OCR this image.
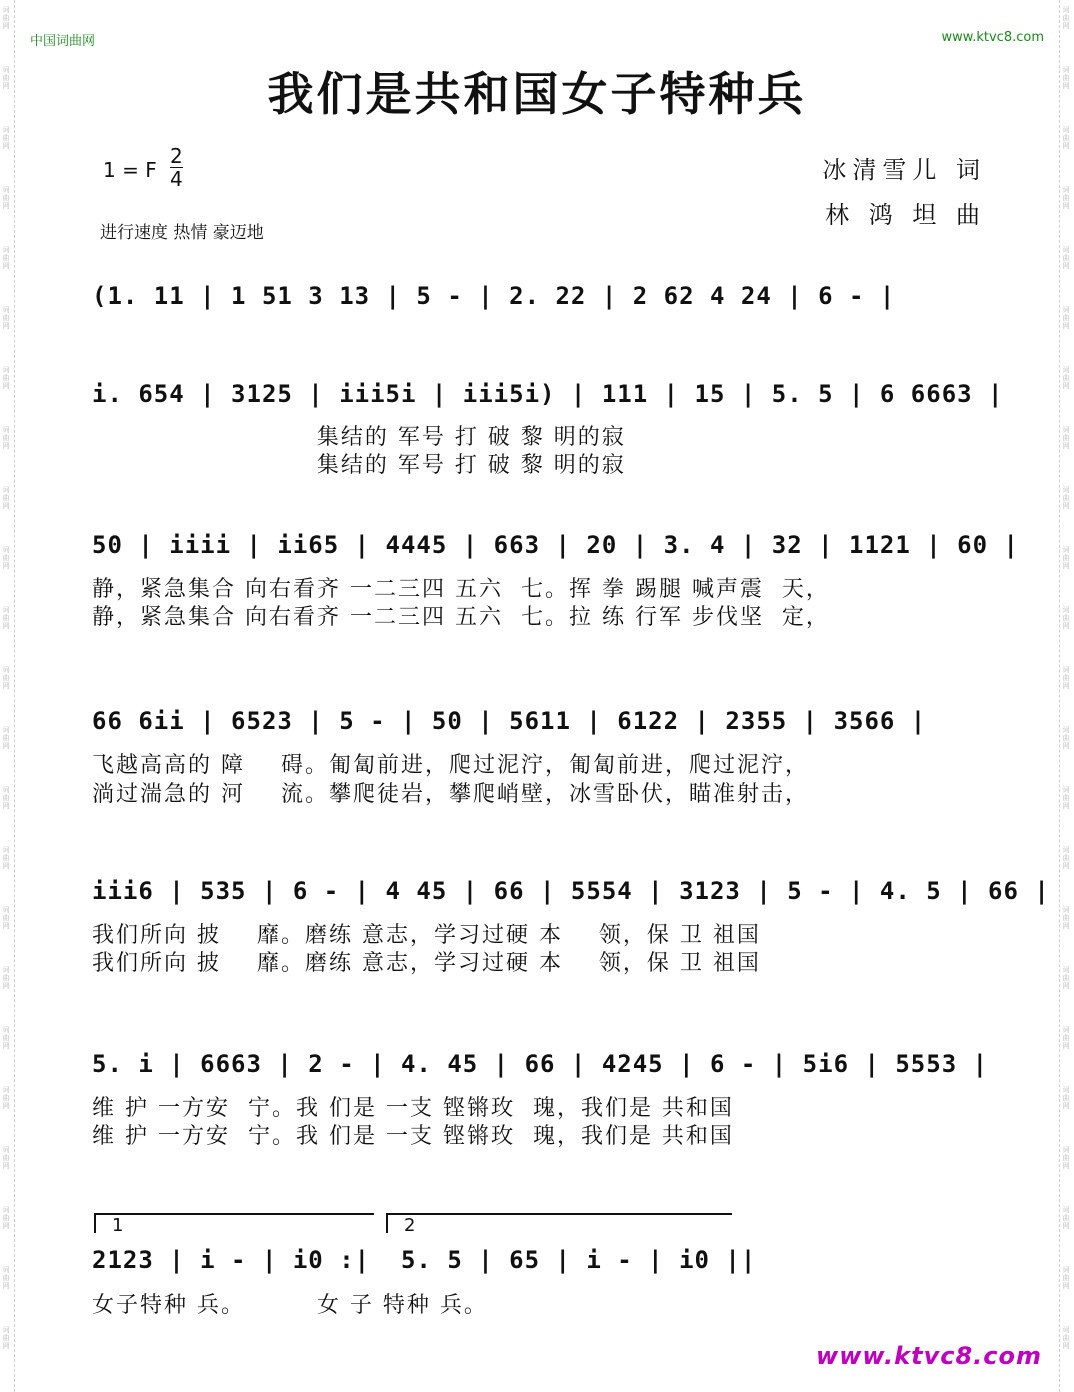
词曲网
词曲网
词曲网
词曲网
词曲网
词曲网
词曲网
词曲网
词曲网
词曲网
词曲网
词曲网
词曲网
词曲网
词曲网
词曲网
词曲网
词曲网
词曲网
词曲网
词曲网
词曲网
词曲网
词曲网
词曲网
词曲网
词曲网
词曲网
词曲网
词曲网
词曲网
词曲网
词曲网
词曲网
词曲网
词曲网
词曲网
词曲网
词曲网
词曲网
词曲网
词曲网
词曲网
词曲网
词曲网
词曲网
中国词曲网	www.ktvc8.com
我们是共和国女子特种兵
1 = F
2
4
进行速度 热情 豪迈地
冰清雪儿 词
林 鸿 坦 曲
(1. 11 | 1 51 3 13 | 5 - | 2. 22 | 2 62 4 24 | 6 - |
i. 654 | 3125 | iii5i | iii5i) | 111 | 15 | 5. 5 | 6 6663 |
集结的 军号 打 破 黎 明的寂
集结的 军号 打 破 黎 明的寂
50 | iiii | ii65 | 4445 | 663 | 20 | 3. 4 | 32 | 1121 | 60 |
静，紧急集合 向右看齐 一二三四 五六  七。挥 拳 踢腿 喊声震  天，
静，紧急集合 向右看齐 一二三四 五六  七。拉 练 行军 步伐坚  定，
66 6ii | 6523 | 5 - | 50 | 5611 | 6122 | 2355 | 3566 |
飞越高高的 障    碍。匍匐前进，爬过泥泞，匍匐前进，爬过泥泞，
淌过湍急的 河    流。攀爬徒岩，攀爬峭壁，冰雪卧伏，瞄准射击，
iii6 | 535 | 6 - | 4 45 | 66 | 5554 | 3123 | 5 - | 4. 5 | 66 |
我们所向 披    靡。磨练 意志，学习过硬 本    领，保 卫 祖国
我们所向 披    靡。磨练 意志，学习过硬 本    领，保 卫 祖国
5. i | 6663 | 2 - | 4. 45 | 66 | 4245 | 6 - | 5i6 | 5553 |
维 护 一方安  宁。我 们是 一支 铿锵玫  瑰，我们是 共和国
维 护 一方安  宁。我 们是 一支 铿锵玫  瑰，我们是 共和国
1	2
2123 | i - | i0 :|  5. 5 | 65 | i - | i0 ||
女子特种 兵。        女 子 特种 兵。
www.ktvc8.com
